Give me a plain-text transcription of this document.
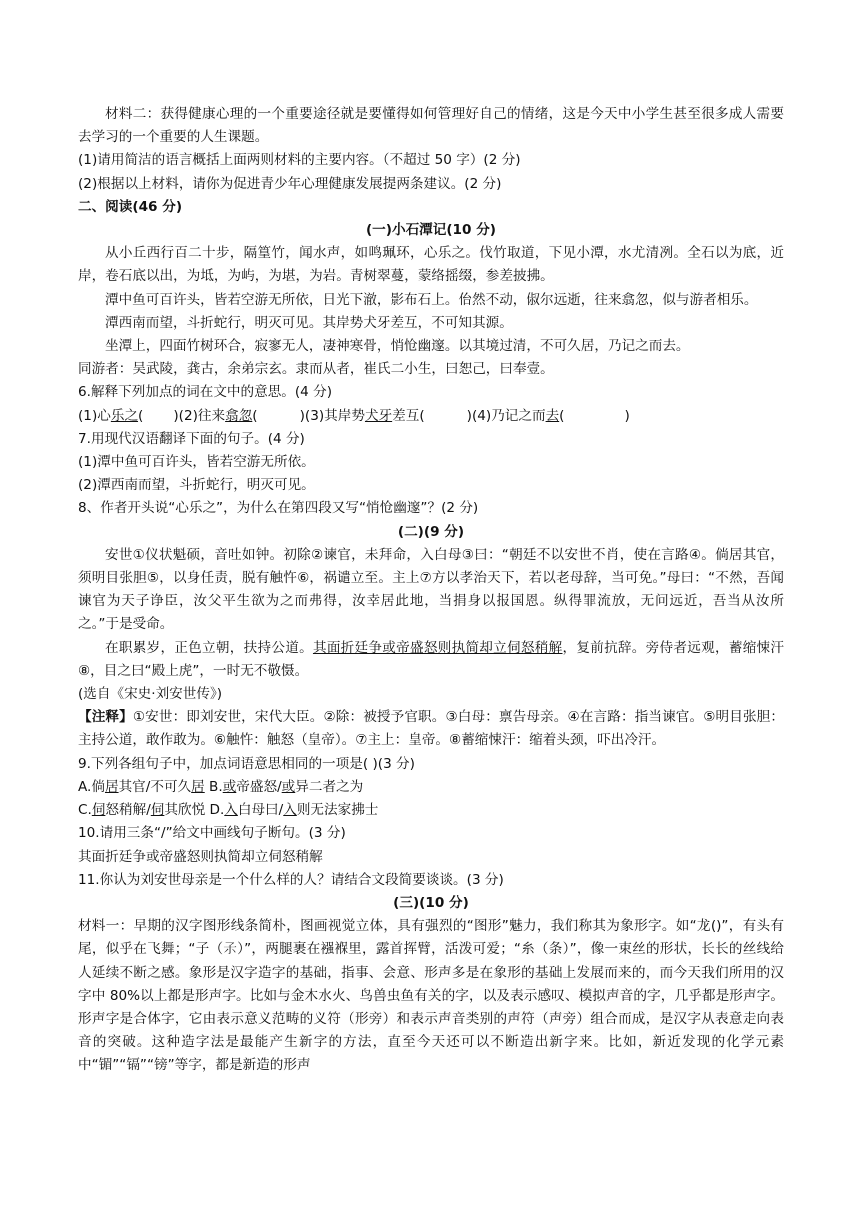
材料二：获得健康心理的一个重要途径就是要懂得如何管理好自己的情绪，这是今天中小学生甚至很多成人需要去学习的一个重要的人生课题。

(1)请用简洁的语言概括上面两则材料的主要内容。（不超过 50 字）(2 分)

(2)根据以上材料，请你为促进青少年心理健康发展提两条建议。(2 分)

二、阅读(46 分)

(一)小石潭记(10 分)

从小丘西行百二十步，隔篁竹，闻水声，如鸣珮环，心乐之。伐竹取道，下见小潭，水尤清冽。全石以为底，近岸，卷石底以出，为坻，为屿，为堪，为岩。青树翠蔓，蒙络摇缀，参差披拂。

潭中鱼可百许头，皆若空游无所依，日光下澈，影布石上。佁然不动，俶尔远逝，往来翕忽，似与游者相乐。

潭西南而望，斗折蛇行，明灭可见。其岸势犬牙差互，不可知其源。

坐潭上，四面竹树环合，寂寥无人，凄神寒骨，悄怆幽邃。以其境过清，不可久居，乃记之而去。

同游者：吴武陵，龚古，余弟宗玄。隶而从者，崔氏二小生，曰恕己，曰奉壹。

6.解释下列加点的词在文中的意思。(4 分)

(1)心乐之( )(2)往来翕忽(	)(3)其岸势犬牙差互(	)(4)乃记之而去(	)

7.用现代汉语翻译下面的句子。(4 分)

(1)潭中鱼可百许头，皆若空游无所依。

(2)潭西南而望，斗折蛇行，明灭可见。

8、作者开头说“心乐之”，为什么在第四段又写“悄怆幽邃”？(2 分)

(二)(9 分)

安世①仪状魁硕，音吐如钟。初除②谏官，未拜命，入白母③曰：“朝廷不以安世不肖，使在言路④。倘居其官，须明目张胆⑤，以身任责，脱有触忤⑥，祸谴立至。主上⑦方以孝治天下，若以老母辞，当可免。”母曰：“不然，吾闻谏官为天子诤臣，汝父平生欲为之而弗得，汝幸居此地，当捐身以报国恩。纵得罪流放，无问远近，吾当从汝所之。”于是受命。

在职累岁，正色立朝，扶持公道。其面折廷争或帝盛怒则执简却立伺怒稍解，复前抗辞。旁侍者远观，蓄缩悚汗⑧，目之曰“殿上虎”，一时无不敬慑。

(选自《宋史·刘安世传》)

【注释】①安世：即刘安世，宋代大臣。②除：被授予官职。③白母：禀告母亲。④在言路：指当谏官。⑤明目张胆：主持公道，敢作敢为。⑥触忤：触怒（皇帝）。⑦主上：皇帝。⑧蓄缩悚汗：缩着头颈，吓出冷汗。

9.下列各组句子中，加点词语意思相同的一项是( )(3 分)

A.倘居其官/不可久居 B.或帝盛怒/或异二者之为

C.伺怒稍解/伺其欣悦 D.入白母曰/入则无法家拂士

10.请用三条“/”给文中画线句子断句。(3 分)

其面折廷争或帝盛怒则执简却立伺怒稍解

11.你认为刘安世母亲是一个什么样的人？请结合文段简要谈谈。(3 分)

(三)(10 分)

材料一：早期的汉字图形线条简朴，图画视觉立体，具有强烈的“图形”魅力，我们称其为象形字。如“龙()”，有头有尾，似乎在飞舞；“子（𡥀）”，两腿裹在襁褓里，露首挥臂，活泼可爱；“糸（条）”，像一束丝的形状，长长的丝线给人延续不断之感。象形是汉字造字的基础，指事、会意、形声多是在象形的基础上发展而来的，而今天我们所用的汉字中 80%以上都是形声字。比如与金木水火、鸟兽虫鱼有关的字，以及表示感叹、模拟声音的字，几乎都是形声字。形声字是合体字，它由表示意义范畴的义符（形旁）和表示声音类别的声符（声旁）组合而成，是汉字从表意走向表音的突破。这种造字法是最能产生新字的方法，直至今天还可以不断造出新字来。比如，新近发现的化学元素中“镅”“镉”“镑”等字，都是新造的形声
